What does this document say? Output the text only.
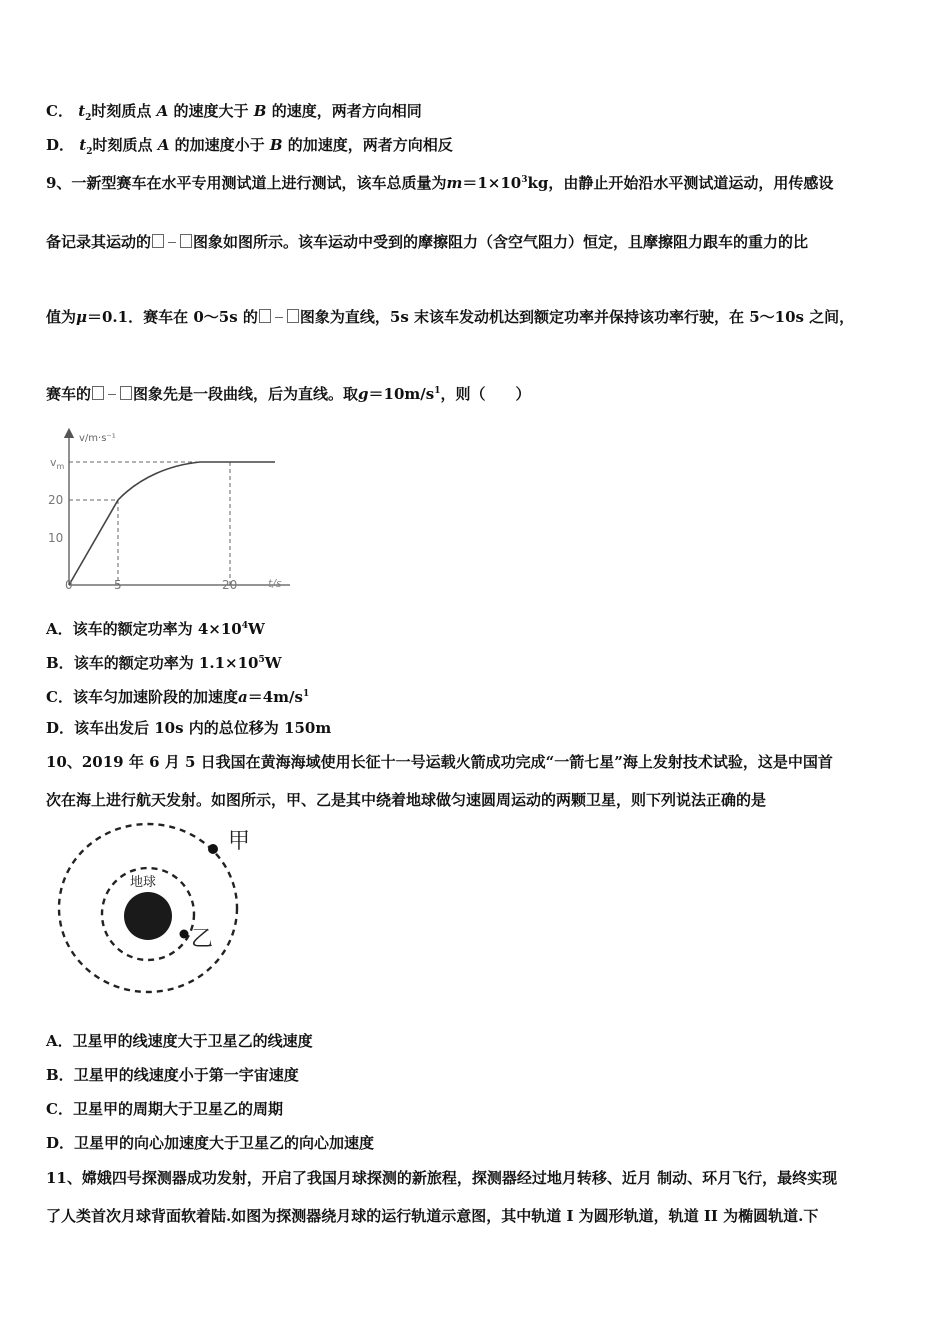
C． $t_2$时刻质点 A 的速度大于 B 的速度，两者方向相同
D． $t_2$时刻质点 A 的加速度小于 B 的加速度，两者方向相反
9、一新型赛车在水平专用测试道上进行测试，该车总质量为$m=1\times 10^3kg$，由静止开始沿水平测试道运动，用传感设
备记录其运动的	图象如图所示。该车运动中受到的摩擦阻力（含空气阻力）恒定，且摩擦阻力跟车的重力的比
值为μ＝0.1．赛车在 0～5s 的	图象为直线，5s 末该车发动机达到额定功率并保持该功率行驶，在 5～10s 之间，
赛车的	图象先是一段曲线，后为直线。取$g=10m/s^1$，则（　　）
v/m·s⁻¹
t/s
$v_m$
20
10
0	5	20
A．该车的额定功率为 $4\times 10^4W$
B．该车的额定功率为 $1.1\times 10^5W$
C．该车匀加速阶段的加速度$a=4m/s^1$
D．该车出发后 10s 内的总位移为 150m
10、2019 年 6 月 5 日我国在黄海海域使用长征十一号运载火箭成功完成“一箭七星”海上发射技术试验，这是中国首
次在海上进行航天发射。如图所示，甲、乙是其中绕着地球做匀速圆周运动的两颗卫星，则下列说法正确的是
地球
甲
乙
A．卫星甲的线速度大于卫星乙的线速度
B．卫星甲的线速度小于第一宇宙速度
C．卫星甲的周期大于卫星乙的周期
D．卫星甲的向心加速度大于卫星乙的向心加速度
11、嫦娥四号探测器成功发射，开启了我国月球探测的新旅程，探测器经过地月转移、近月 制动、环月飞行，最终实现
了人类首次月球背面软着陆.如图为探测器绕月球的运行轨道示意图，其中轨道 I 为圆形轨道，轨道 II 为椭圆轨道.下
